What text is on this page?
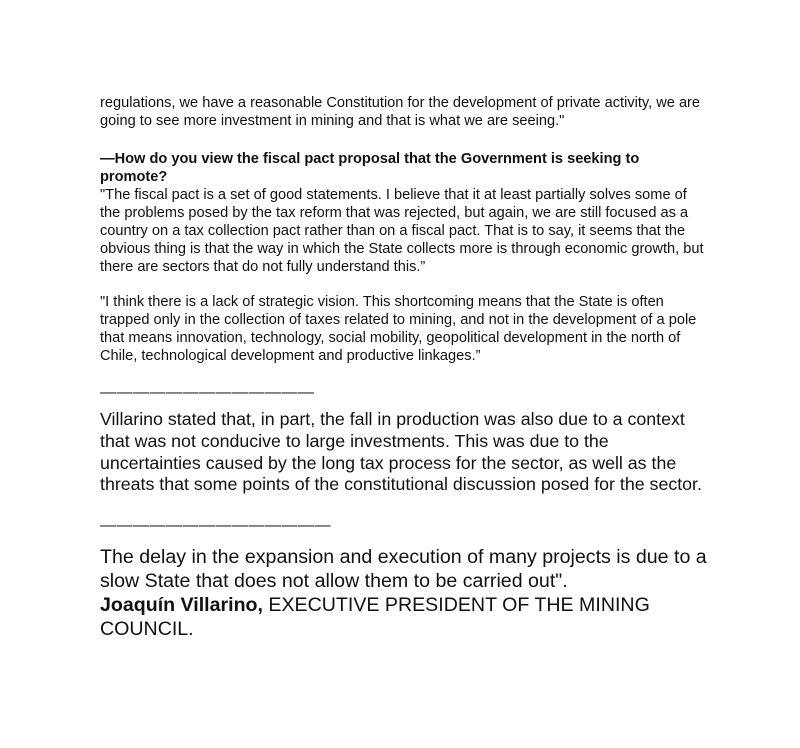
regulations, we have a reasonable Constitution for the development of private activity, we are going to see more investment in mining and that is what we are seeing."

—How do you view the fiscal pact proposal that the Government is seeking to promote?

"The fiscal pact is a set of good statements. I believe that it at least partially solves some of the problems posed by the tax reform that was rejected, but again, we are still focused as a country on a tax collection pact rather than on a fiscal pact. That is to say, it seems that the obvious thing is that the way in which the State collects more is through economic growth, but there are sectors that do not fully understand this.”

"I think there is a lack of strategic vision. This shortcoming means that the State is often trapped only in the collection of taxes related to mining, and not in the development of a pole that means innovation, technology, social mobility, geopolitical development in the north of Chile, technological development and productive linkages.”

—————————————

Villarino stated that, in part, the fall in production was also due to a context that was not conducive to large investments. This was due to the uncertainties caused by the long tax process for the sector, as well as the threats that some points of the constitutional discussion posed for the sector.

——————————————

The delay in the expansion and execution of many projects is due to a slow State that does not allow them to be carried out".
Joaquín Villarino, EXECUTIVE PRESIDENT OF THE MINING COUNCIL.
